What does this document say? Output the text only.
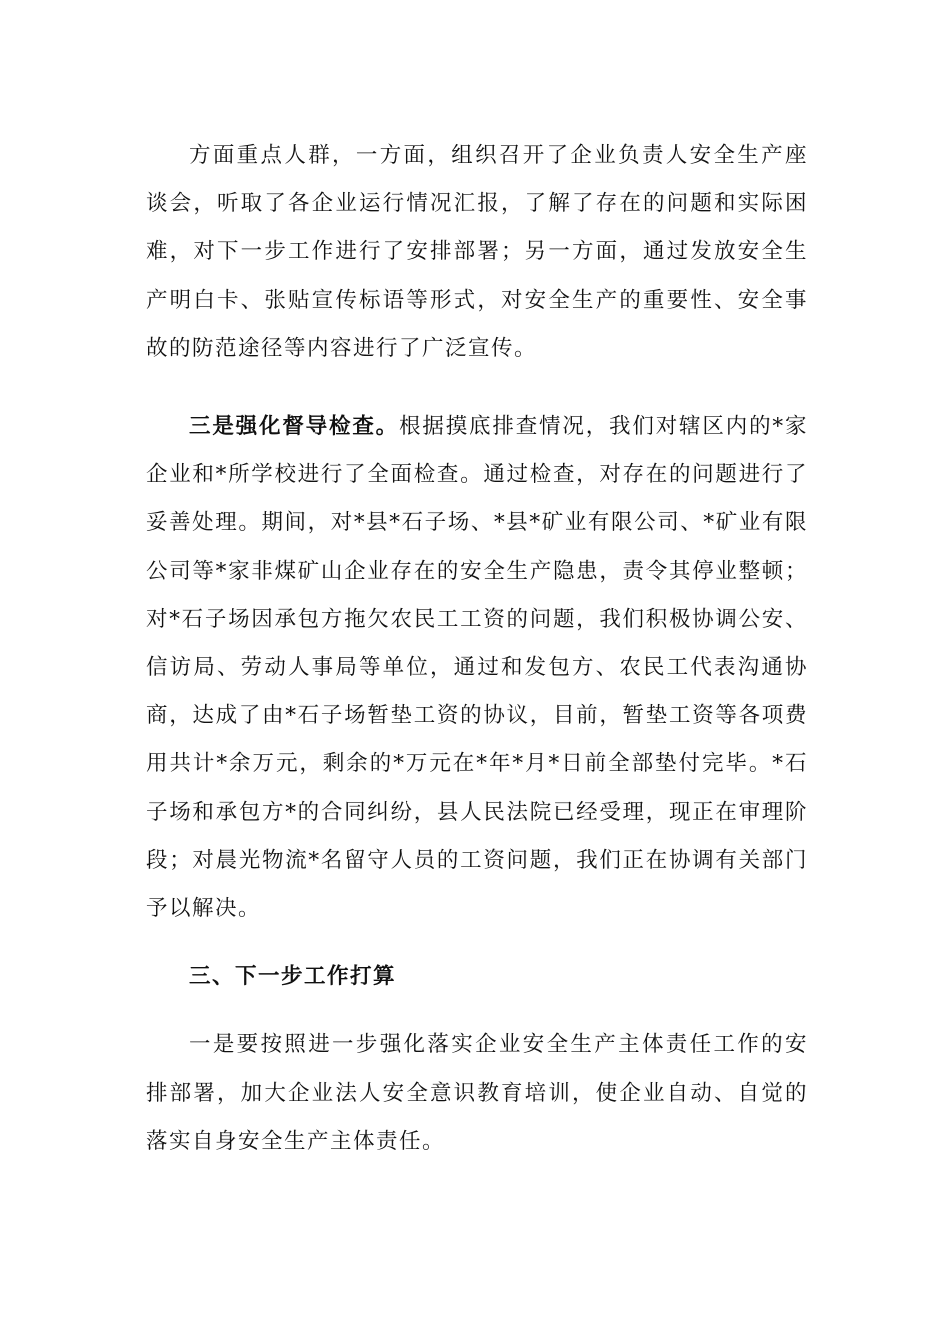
方面重点人群，一方面，组织召开了企业负责人安全生产座谈会，听取了各企业运行情况汇报，了解了存在的问题和实际困难，对下一步工作进行了安排部署；另一方面，通过发放安全生产明白卡、张贴宣传标语等形式，对安全生产的重要性、安全事故的防范途径等内容进行了广泛宣传。

三是强化督导检查。根据摸底排查情况，我们对辖区内的*家企业和*所学校进行了全面检查。通过检查，对存在的问题进行了妥善处理。期间，对*县*石子场、*县*矿业有限公司、*矿业有限公司等*家非煤矿山企业存在的安全生产隐患，责令其停业整顿；对*石子场因承包方拖欠农民工工资的问题，我们积极协调公安、信访局、劳动人事局等单位，通过和发包方、农民工代表沟通协商，达成了由*石子场暂垫工资的协议，目前，暂垫工资等各项费用共计*余万元，剩余的*万元在*年*月*日前全部垫付完毕。*石子场和承包方*的合同纠纷，县人民法院已经受理，现正在审理阶段；对晨光物流*名留守人员的工资问题，我们正在协调有关部门予以解决。

三、下一步工作打算

一是要按照进一步强化落实企业安全生产主体责任工作的安排部署，加大企业法人安全意识教育培训，使企业自动、自觉的落实自身安全生产主体责任。
